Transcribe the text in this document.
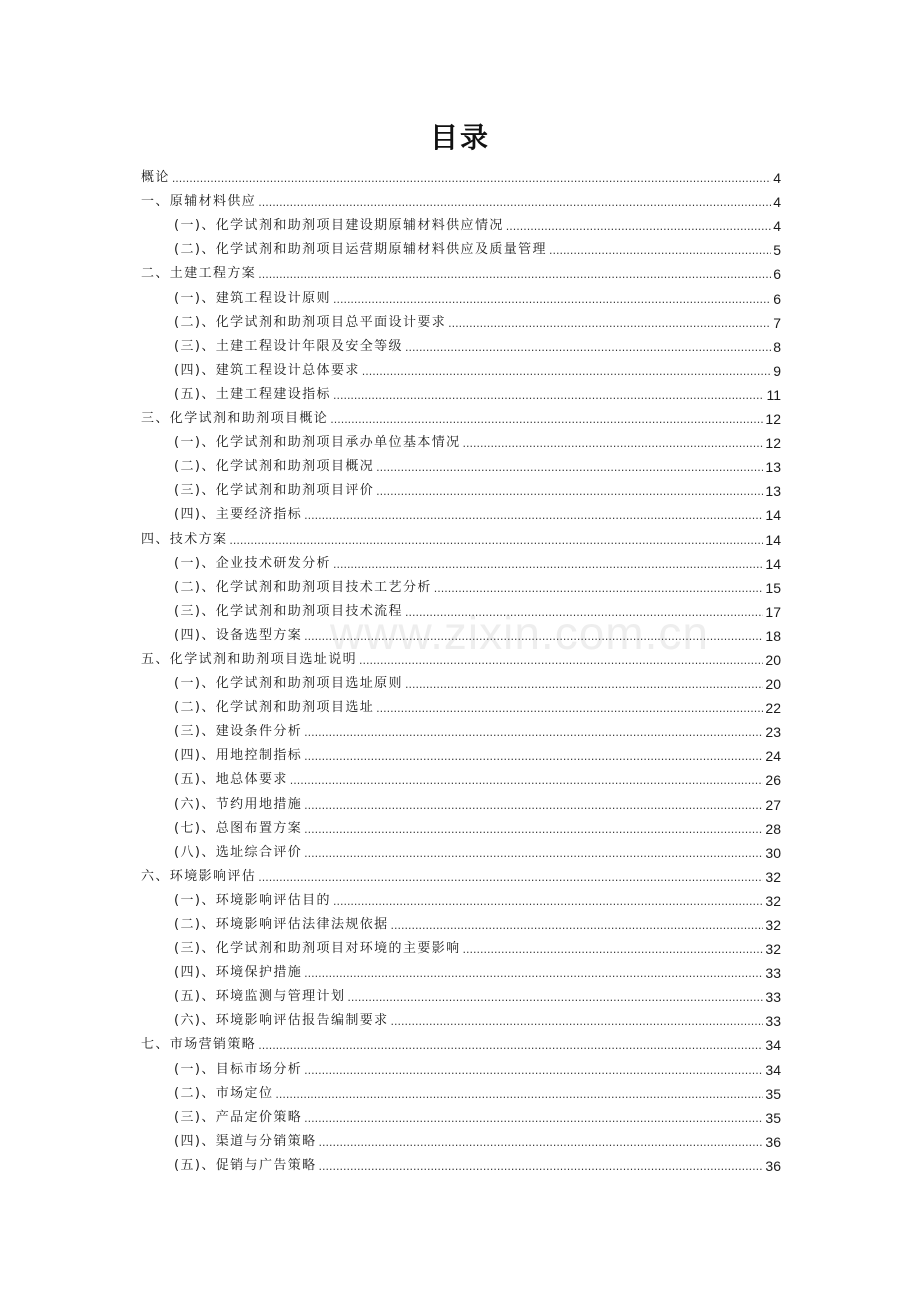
目录
概论 .....	4
一、原辅材料供应 .....	4
(一)、化学试剂和助剂项目建设期原辅材料供应情况 .....	4
(二)、化学试剂和助剂项目运营期原辅材料供应及质量管理 .....	5
二、土建工程方案 .....	6
(一)、建筑工程设计原则 .....	6
(二)、化学试剂和助剂项目总平面设计要求 .....	7
(三)、土建工程设计年限及安全等级 .....	8
(四)、建筑工程设计总体要求 .....	9
(五)、土建工程建设指标 .....	11
三、化学试剂和助剂项目概论 .....	12
(一)、化学试剂和助剂项目承办单位基本情况 .....	12
(二)、化学试剂和助剂项目概况 .....	13
(三)、化学试剂和助剂项目评价 .....	13
(四)、主要经济指标 .....	14
四、技术方案 .....	14
(一)、企业技术研发分析 .....	14
(二)、化学试剂和助剂项目技术工艺分析 .....	15
(三)、化学试剂和助剂项目技术流程 .....	17
(四)、设备选型方案 .....	18
五、化学试剂和助剂项目选址说明 .....	20
(一)、化学试剂和助剂项目选址原则 .....	20
(二)、化学试剂和助剂项目选址 .....	22
(三)、建设条件分析 .....	23
(四)、用地控制指标 .....	24
(五)、地总体要求 .....	26
(六)、节约用地措施 .....	27
(七)、总图布置方案 .....	28
(八)、选址综合评价 .....	30
六、环境影响评估 .....	32
(一)、环境影响评估目的 .....	32
(二)、环境影响评估法律法规依据 .....	32
(三)、化学试剂和助剂项目对环境的主要影响 .....	32
(四)、环境保护措施 .....	33
(五)、环境监测与管理计划 .....	33
(六)、环境影响评估报告编制要求 .....	33
七、市场营销策略 .....	34
(一)、目标市场分析 .....	34
(二)、市场定位 .....	35
(三)、产品定价策略 .....	35
(四)、渠道与分销策略 .....	36
(五)、促销与广告策略 .....	36
www.zixin.com.cn
